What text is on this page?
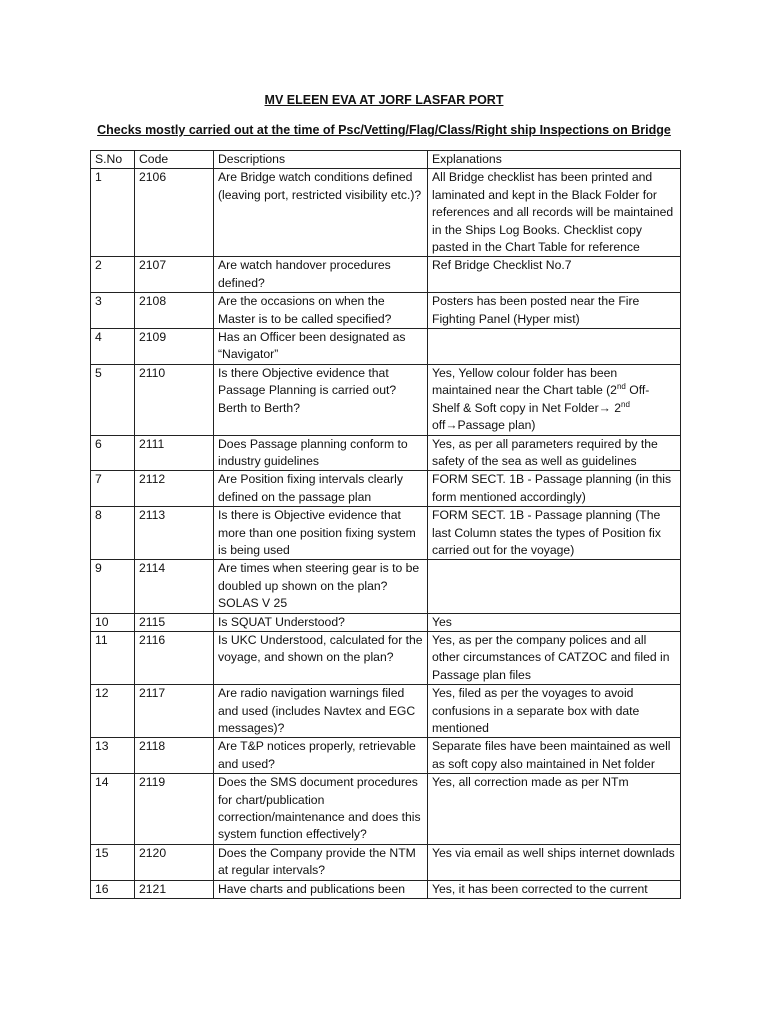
MV ELEEN EVA AT JORF LASFAR PORT
Checks mostly carried out at the time of Psc/Vetting/Flag/Class/Right ship Inspections on Bridge
S.No	Code	Descriptions	Explanations
1	2106	Are Bridge watch conditions defined (leaving port, restricted visibility etc.)?	All Bridge checklist has been printed and laminated and kept in the Black Folder for references and all records will be maintained in the Ships Log Books. Checklist copy pasted in the Chart Table for reference
2	2107	Are watch handover procedures defined?	Ref Bridge Checklist No.7
3	2108	Are the occasions on when the Master is to be called specified?	Posters has been posted near the Fire Fighting Panel (Hyper mist)
4	2109	Has an Officer been designated as “Navigator”	
5	2110	Is there Objective evidence that Passage Planning is carried out? Berth to Berth?	Yes, Yellow colour folder has been maintained near the Chart table (2nd Off-Shelf & Soft copy in Net Folder→ 2nd off→Passage plan)
6	2111	Does Passage planning conform to industry guidelines	Yes, as per all parameters required by the safety of the sea as well as guidelines
7	2112	Are Position fixing intervals clearly defined on the passage plan	FORM SECT. 1B - Passage planning (in this form mentioned accordingly)
8	2113	Is there is Objective evidence that more than one position fixing system is being used	FORM SECT. 1B - Passage planning (The last Column states the types of Position fix carried out for the voyage)
9	2114	Are times when steering gear is to be doubled up shown on the plan? SOLAS V 25	
10	2115	Is SQUAT Understood?	Yes
11	2116	Is UKC Understood, calculated for the voyage, and shown on the plan?	Yes, as per the company polices and all other circumstances of CATZOC and filed in Passage plan files
12	2117	Are radio navigation warnings filed and used (includes Navtex and EGC messages)?	Yes, filed as per the voyages to avoid confusions in a separate box with date mentioned
13	2118	Are T&P notices properly, retrievable and used?	Separate files have been maintained as well as soft copy also maintained in Net folder
14	2119	Does the SMS document procedures for chart/publication correction/maintenance and does this system function effectively?	Yes, all correction made as per NTm
15	2120	Does the Company provide the NTM at regular intervals?	Yes via email as well ships internet downlads
16	2121	Have charts and publications been	Yes, it has been corrected to the current
